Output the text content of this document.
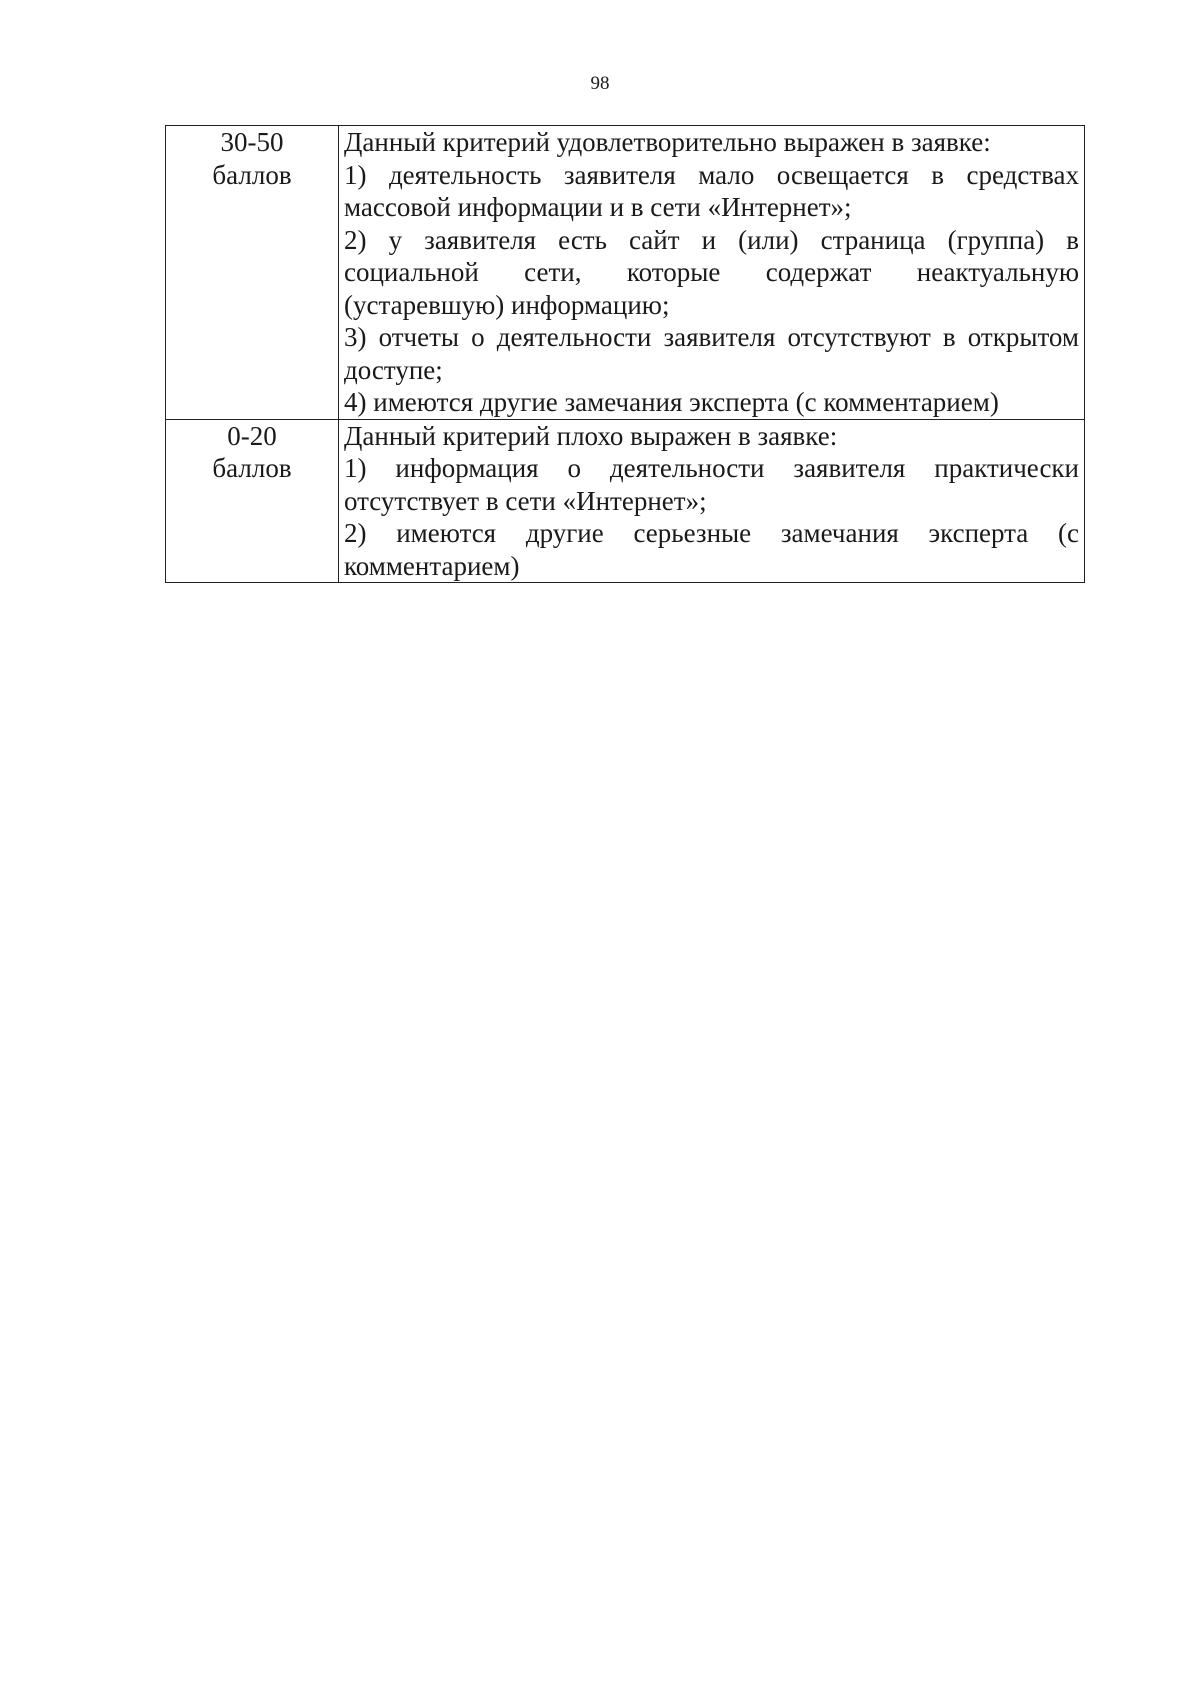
98
30-50
баллов	Данный критерий удовлетворительно выражен в заявке:
1) деятельность заявителя мало освещается в средствах массовой информации и в сети «Интернет»;
2) у заявителя есть сайт и (или) страница (группа) в социальной сети, которые содержат неактуальную (устаревшую) информацию;
3) отчеты о деятельности заявителя отсутствуют в открытом доступе;
4) имеются другие замечания эксперта (с комментарием)

0-20
баллов	Данный критерий плохо выражен в заявке:
1) информация о деятельности заявителя практически отсутствует в сети «Интернет»;
2) имеются другие серьезные замечания эксперта (с комментарием)
